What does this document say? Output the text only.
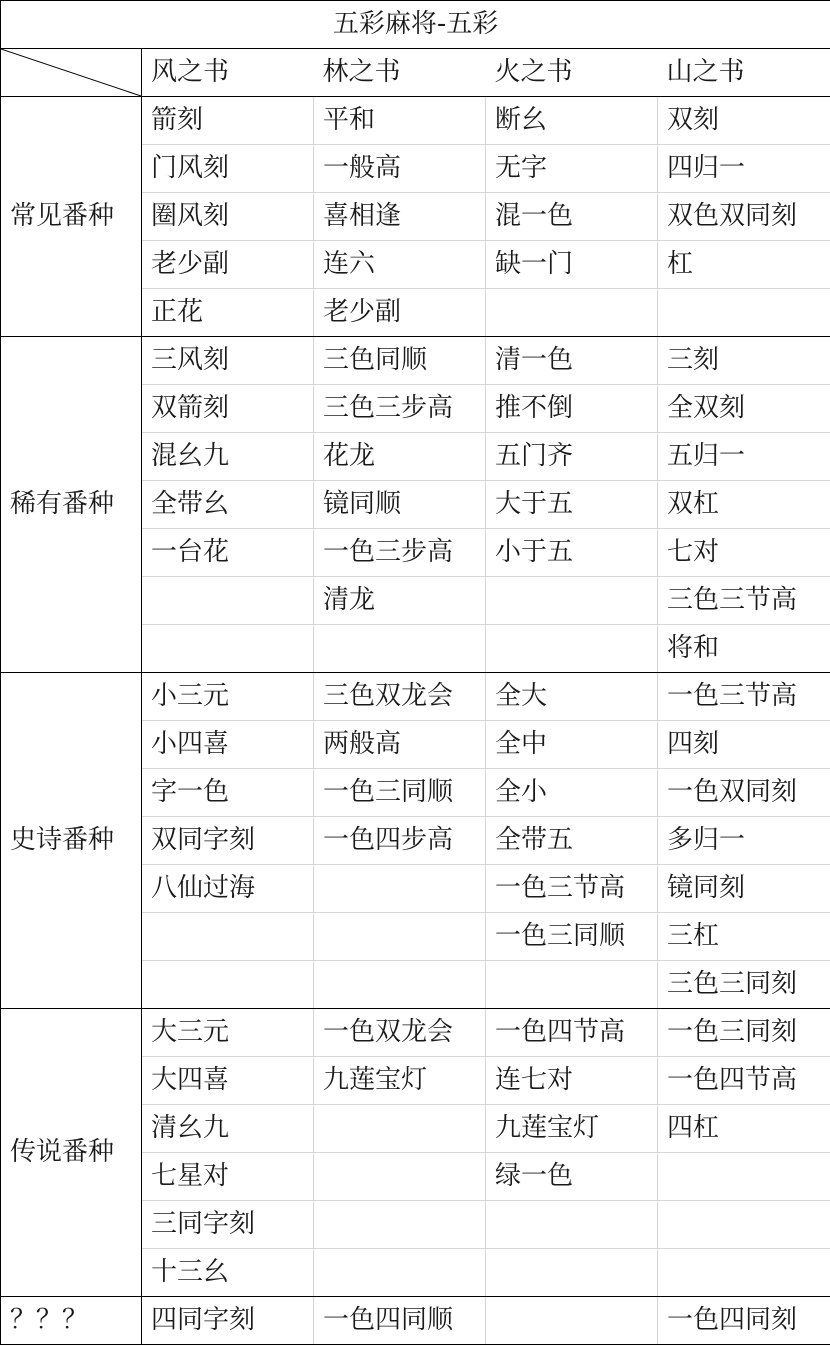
五彩麻将-五彩				

	风之书	林之书	火之书	山之书
常见番种	箭刻	平和	断幺	双刻
	门风刻	一般高	无字	四归一
	圈风刻	喜相逢	混一色	双色双同刻
	老少副	连六	缺一门	杠
	正花	老少副		
稀有番种	三风刻	三色同顺	清一色	三刻
	双箭刻	三色三步高	推不倒	全双刻
	混幺九	花龙	五门齐	五归一
	全带幺	镜同顺	大于五	双杠
	一台花	一色三步高	小于五	七对
		清龙		三色三节高
				将和
史诗番种	小三元	三色双龙会	全大	一色三节高
	小四喜	两般高	全中	四刻
	字一色	一色三同顺	全小	一色双同刻
	双同字刻	一色四步高	全带五	多归一
	八仙过海		一色三节高	镜同刻
			一色三同顺	三杠
				三色三同刻
传说番种	大三元	一色双龙会	一色四节高	一色三同刻
	大四喜	九莲宝灯	连七对	一色四节高
	清幺九		九莲宝灯	四杠
	七星对		绿一色	
	三同字刻			
	十三幺			
？？？	四同字刻	一色四同顺		一色四同刻
